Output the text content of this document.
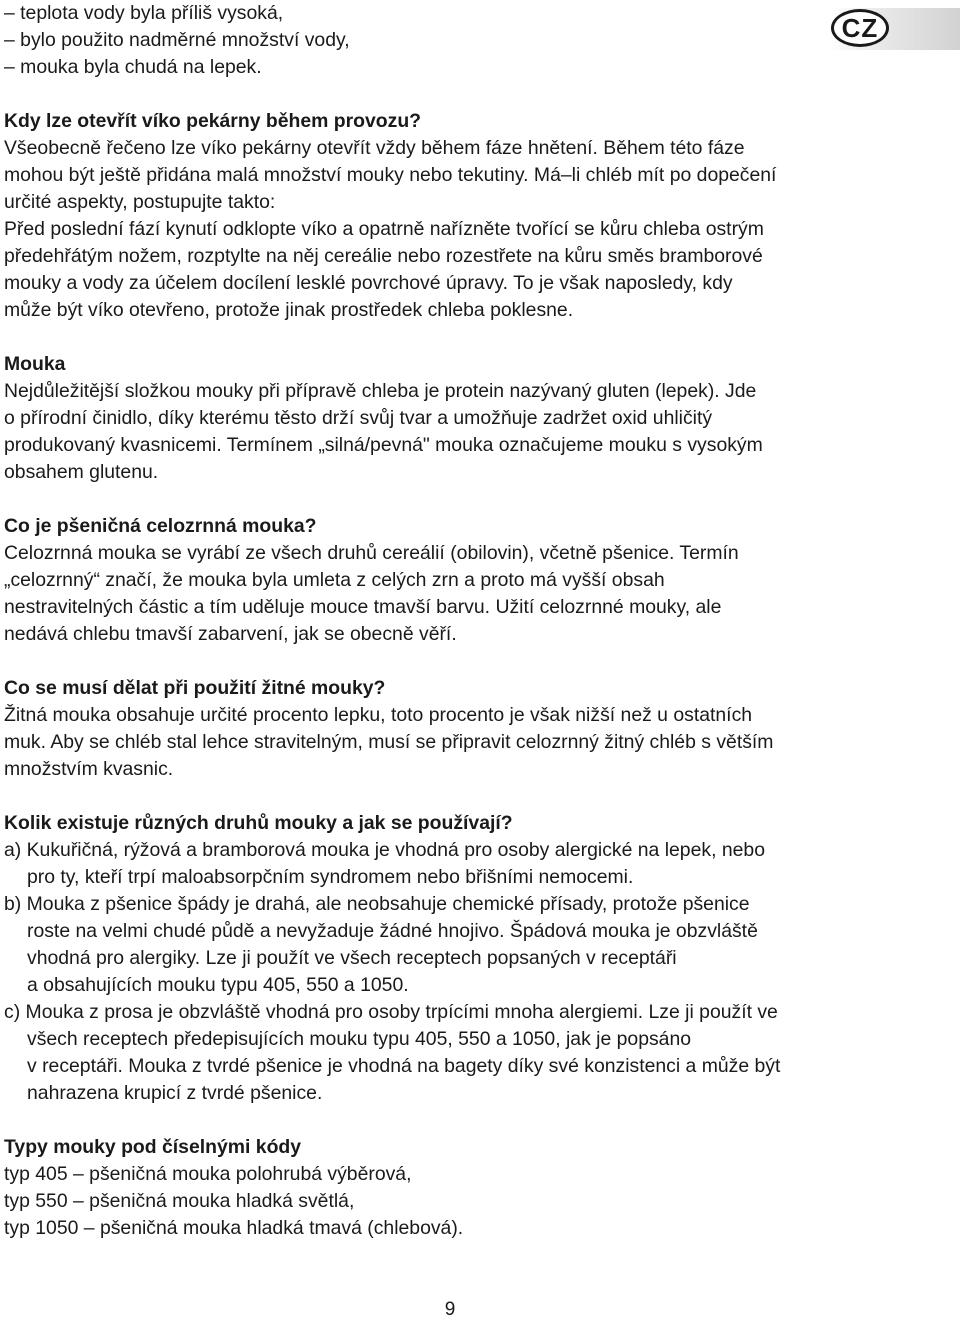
CZ
– teplota vody byla příliš vysoká,
– bylo použito nadměrné množství vody,
– mouka byla chudá na lepek.
Kdy lze otevřít víko pekárny během provozu?
Všeobecně řečeno lze víko pekárny otevřít vždy během fáze hnětení. Během této fáze
mohou být ještě přidána malá množství mouky nebo tekutiny. Má–li chléb mít po dopečení
určité aspekty, postupujte takto:
Před poslední fází kynutí odklopte víko a opatrně nařízněte tvořící se kůru chleba ostrým
předehřátým nožem, rozptylte na něj cereálie nebo rozestřete na kůru směs bramborové
mouky a vody za účelem docílení lesklé povrchové úpravy. To je však naposledy, kdy
může být víko otevřeno, protože jinak prostředek chleba poklesne.
Mouka
Nejdůležitější složkou mouky při přípravě chleba je protein nazývaný gluten (lepek). Jde
o přírodní činidlo, díky kterému těsto drží svůj tvar a umožňuje zadržet oxid uhličitý
produkovaný kvasnicemi. Termínem „silná/pevná" mouka označujeme mouku s vysokým
obsahem glutenu.
Co je pšeničná celozrnná mouka?
Celozrnná mouka se vyrábí ze všech druhů cereálií (obilovin), včetně pšenice. Termín
„celozrnný“ značí, že mouka byla umleta z celých zrn a proto má vyšší obsah
nestravitelných částic a tím uděluje mouce tmavší barvu. Užití celozrnné mouky, ale
nedává chlebu tmavší zabarvení, jak se obecně věří.
Co se musí dělat při použití žitné mouky?
Žitná mouka obsahuje určité procento lepku, toto procento je však nižší než u ostatních
muk. Aby se chléb stal lehce stravitelným, musí se připravit celozrnný žitný chléb s větším
množstvím kvasnic.
Kolik existuje různých druhů mouky a jak se používají?
a) Kukuřičná, rýžová a bramborová mouka je vhodná pro osoby alergické na lepek, nebo
pro ty, kteří trpí maloabsorpčním syndromem nebo břišními nemocemi.
b) Mouka z pšenice špády je drahá, ale neobsahuje chemické přísady, protože pšenice
roste na velmi chudé půdě a nevyžaduje žádné hnojivo. Špádová mouka je obzvláště
vhodná pro alergiky. Lze ji použít ve všech receptech popsaných v receptáři
a obsahujících mouku typu 405, 550 a 1050.
c) Mouka z prosa je obzvláště vhodná pro osoby trpícími mnoha alergiemi. Lze ji použít ve
všech receptech předepisujících mouku typu 405, 550 a 1050, jak je popsáno
v receptáři. Mouka z tvrdé pšenice je vhodná na bagety díky své konzistenci a může být
nahrazena krupicí z tvrdé pšenice.
Typy mouky pod číselnými kódy
typ 405 – pšeničná mouka polohrubá výběrová,
typ 550 – pšeničná mouka hladká světlá,
typ 1050 – pšeničná mouka hladká tmavá (chlebová).
9
